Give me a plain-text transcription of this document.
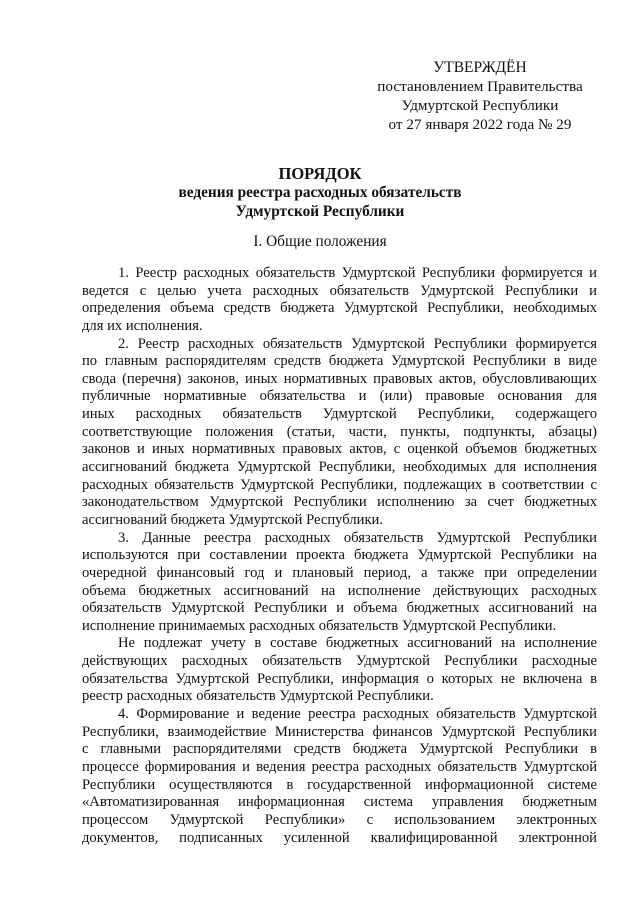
УТВЕРЖДЁН
постановлением Правительства
Удмуртской Республики
от 27 января 2022 года № 29
ПОРЯДОК
ведения реестра расходных обязательств
Удмуртской Республики
I. Общие положения
1. Реестр расходных обязательств Удмуртской Республики формируется и
ведется с целью учета расходных обязательств Удмуртской Республики и
определения объема средств бюджета Удмуртской Республики, необходимых
для их исполнения.
2. Реестр расходных обязательств Удмуртской Республики формируется
по главным распорядителям средств бюджета Удмуртской Республики в виде
свода (перечня) законов, иных нормативных правовых актов, обусловливающих
публичные нормативные обязательства и (или) правовые основания для
иных расходных обязательств Удмуртской Республики, содержащего
соответствующие положения (статьи, части, пункты, подпункты, абзацы)
законов и иных нормативных правовых актов, с оценкой объемов бюджетных
ассигнований бюджета Удмуртской Республики, необходимых для исполнения
расходных обязательств Удмуртской Республики, подлежащих в соответствии с
законодательством Удмуртской Республики исполнению за счет бюджетных
ассигнований бюджета Удмуртской Республики.
3. Данные реестра расходных обязательств Удмуртской Республики
используются при составлении проекта бюджета Удмуртской Республики на
очередной финансовый год и плановый период, а также при определении
объема бюджетных ассигнований на исполнение действующих расходных
обязательств Удмуртской Республики и объема бюджетных ассигнований на
исполнение принимаемых расходных обязательств Удмуртской Республики.
Не подлежат учету в составе бюджетных ассигнований на исполнение
действующих расходных обязательств Удмуртской Республики расходные
обязательства Удмуртской Республики, информация о которых не включена в
реестр расходных обязательств Удмуртской Республики.
4. Формирование и ведение реестра расходных обязательств Удмуртской
Республики, взаимодействие Министерства финансов Удмуртской Республики
с главными распорядителями средств бюджета Удмуртской Республики в
процессе формирования и ведения реестра расходных обязательств Удмуртской
Республики осуществляются в государственной информационной системе
«Автоматизированная информационная система управления бюджетным
процессом Удмуртской Республики» с использованием электронных
документов, подписанных усиленной квалифицированной электронной
